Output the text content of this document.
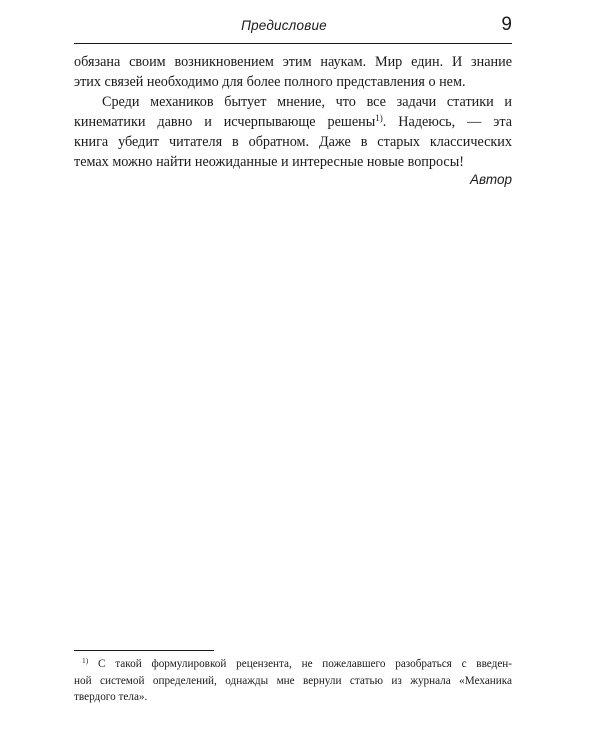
Предисловие	9

обязана своим возникновением этим наукам. Мир един. И знание
этих связей необходимо для более полного представления о нем.

Среди механиков бытует мнение, что все задачи статики и
кинематики давно и исчерпывающе решены$^{1)}$. Надеюсь, — эта
книга убедит читателя в обратном. Даже в старых классических
темах можно найти неожиданные и интересные новые вопросы!

Автор
$^{1)}$ С такой формулировкой рецензента, не пожелавшего разобраться с введен-
ной системой определений, однажды мне вернули статью из журнала «Механика
твердого тела».
